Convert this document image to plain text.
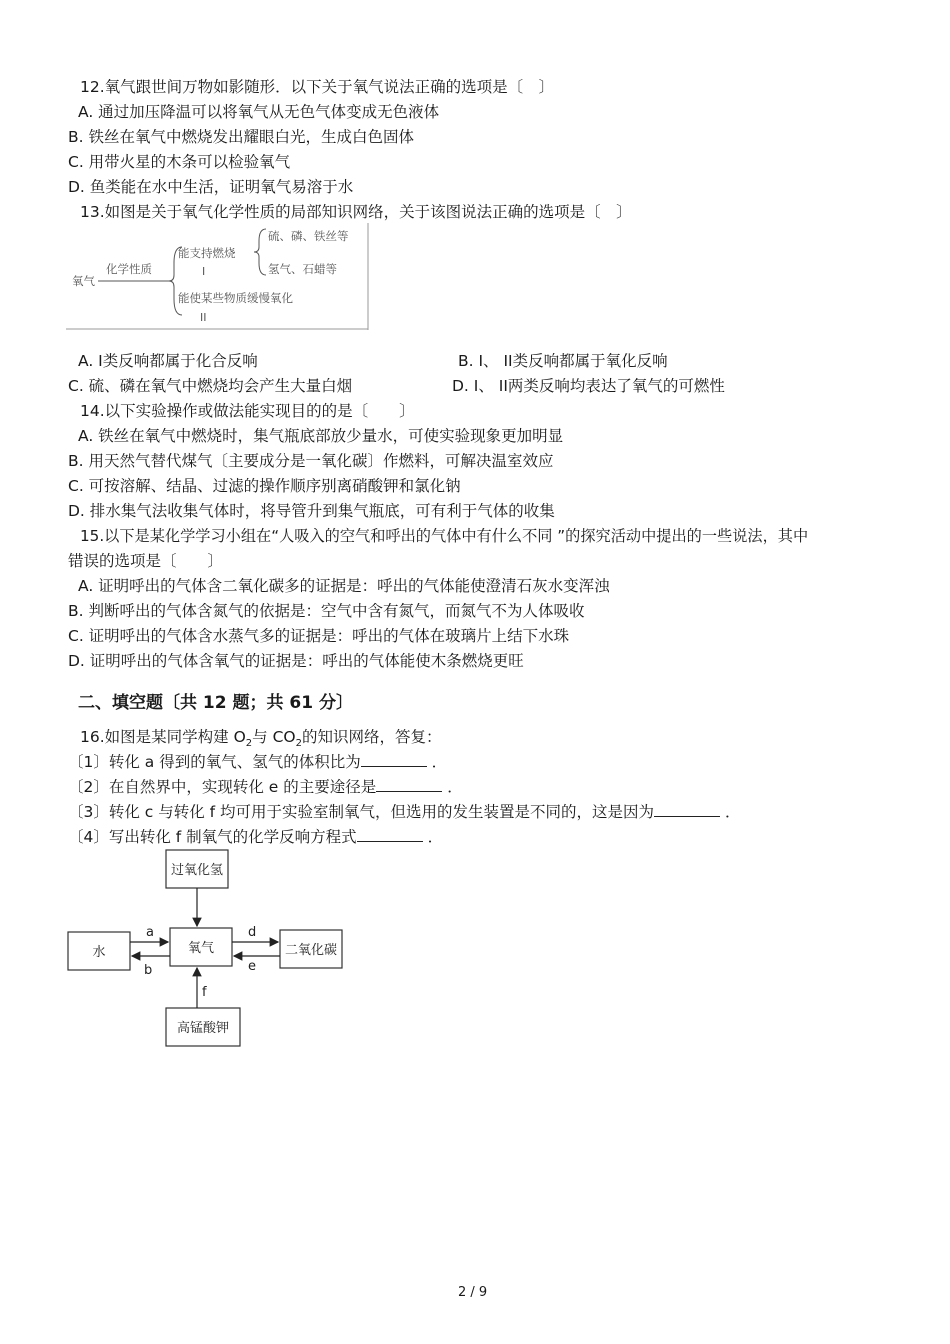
12.氧气跟世间万物如影随形．以下关于氧气说法正确的选项是〔　〕
A. 通过加压降温可以将氧气从无色气体变成无色液体
B. 铁丝在氧气中燃烧发出耀眼白光，生成白色固体
C. 用带火星的木条可以检验氧气
D. 鱼类能在水中生活，证明氧气易溶于水
13.如图是关于氧气化学性质的局部知识网络，关于该图说法正确的选项是〔　〕
氧气
化学性质
能支持燃烧
I
硫、磷、铁丝等
氢气、石蜡等
能使某些物质缓慢氧化
II
A. I类反响都属于化合反响	B. I、 II类反响都属于氧化反响
C. 硫、磷在氧气中燃烧均会产生大量白烟	D. I、 II两类反响均表达了氧气的可燃性
14.以下实验操作或做法能实现目的的是〔　　〕
A. 铁丝在氧气中燃烧时，集气瓶底部放少量水，可使实验现象更加明显
B. 用天然气替代煤气〔主要成分是一氧化碳〕作燃料，可解决温室效应
C. 可按溶解、结晶、过滤的操作顺序别离硝酸钾和氯化钠
D. 排水集气法收集气体时，将导管升到集气瓶底，可有利于气体的收集
15.以下是某化学学习小组在“人吸入的空气和呼出的气体中有什么不同 ”的探究活动中提出的一些说法，其中
错误的选项是〔　　〕
A. 证明呼出的气体含二氧化碳多的证据是：呼出的气体能使澄清石灰水变浑浊
B. 判断呼出的气体含氮气的依据是：空气中含有氮气，而氮气不为人体吸收
C. 证明呼出的气体含水蒸气多的证据是：呼出的气体在玻璃片上结下水珠
D. 证明呼出的气体含氧气的证据是：呼出的气体能使木条燃烧更旺
二、填空题〔共 12 题；共 61 分〕
16.如图是某同学构建 $O_2$与 $CO_2$的知识网络，答复：
〔1〕转化 a 得到的氧气、氢气的体积比为	．
〔2〕在自然界中，实现转化 e 的主要途径是	．
〔3〕转化 c 与转化 f 均可用于实验室制氧气，但选用的发生装置是不同的，这是因为	．
〔4〕写出转化 f 制氧气的化学反响方程式	．
过氧化氢
水	氧气	二氧化碳
高锰酸钾
a
b
d
e
f
2 / 9
